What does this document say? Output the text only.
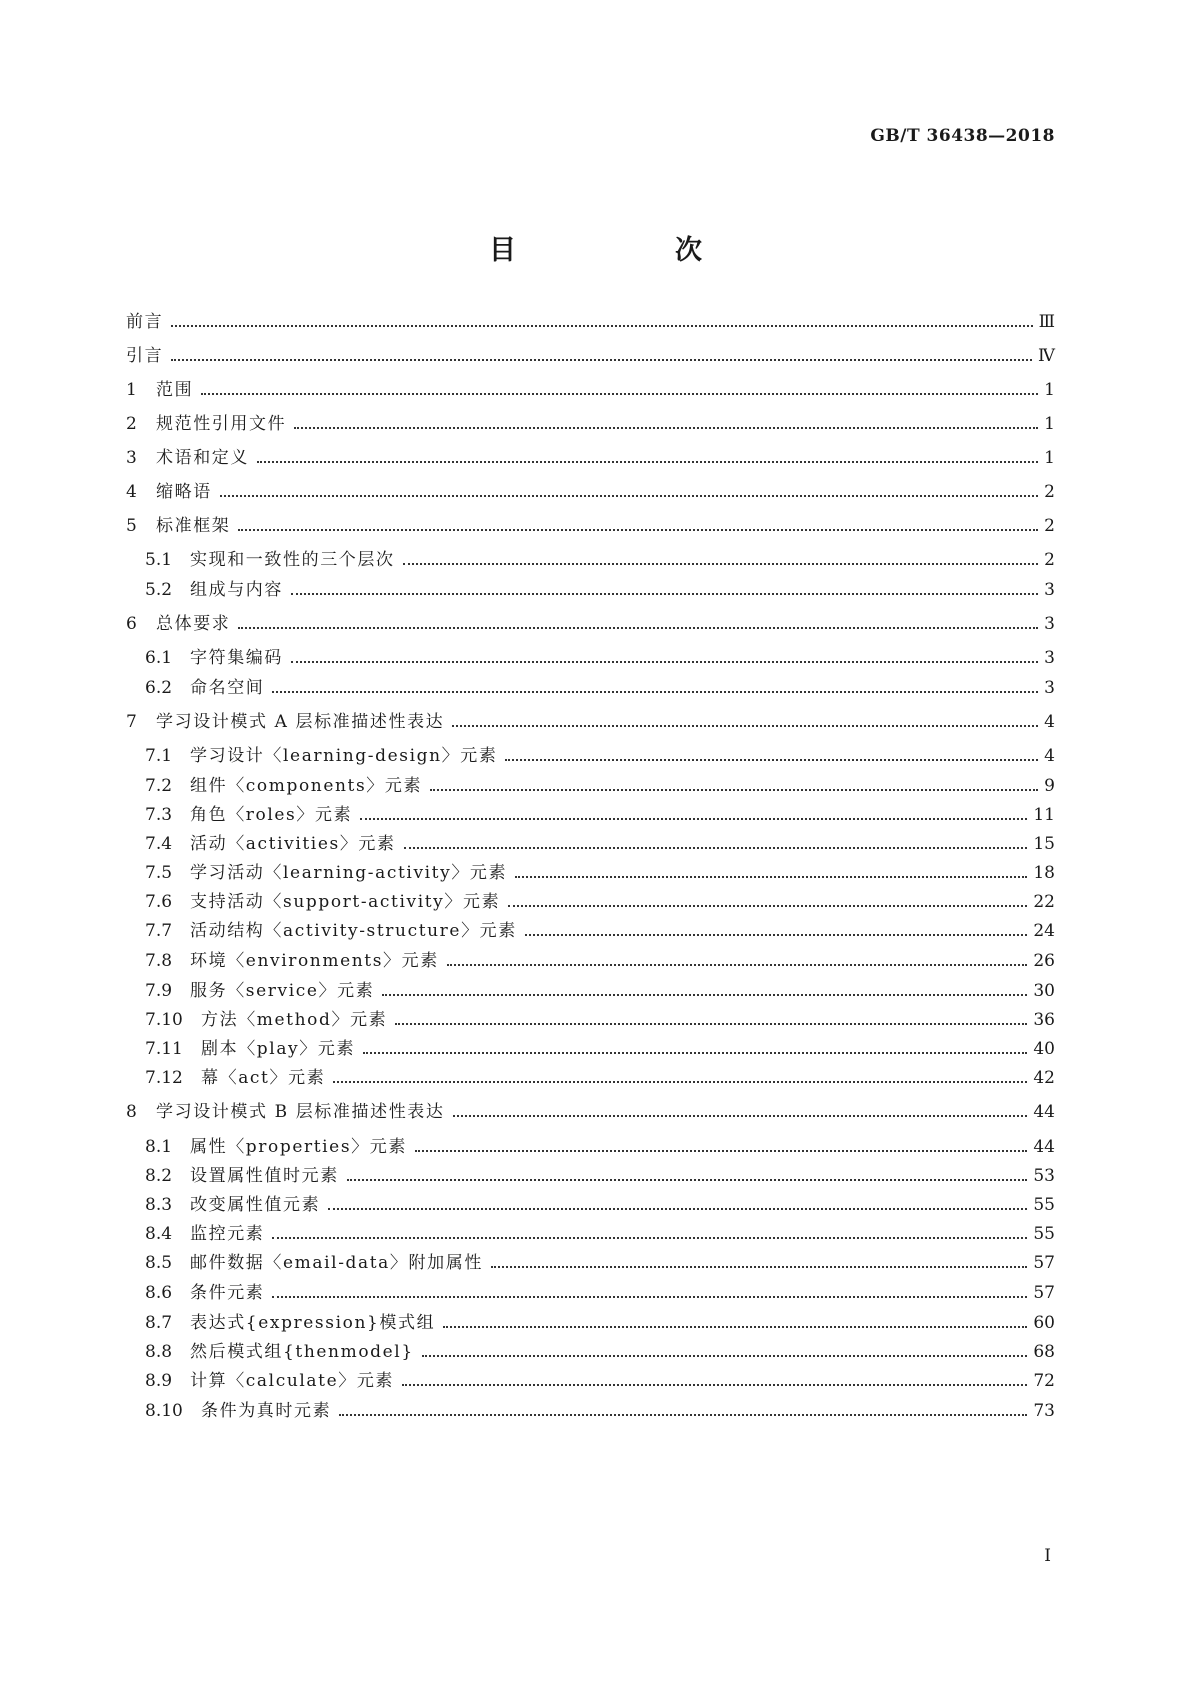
GB/T 36438—2018
目　次
前言	Ⅲ
引言	Ⅳ
1	范围	1
2	规范性引用文件	1
3	术语和定义	1
4	缩略语	2
5	标准框架	2
5.1	实现和一致性的三个层次	2
5.2	组成与内容	3
6	总体要求	3
6.1	字符集编码	3
6.2	命名空间	3
7	学习设计模式 A 层标准描述性表达	4
7.1	学习设计〈learning-design〉元素	4
7.2	组件〈components〉元素	9
7.3	角色〈roles〉元素	11
7.4	活动〈activities〉元素	15
7.5	学习活动〈learning-activity〉元素	18
7.6	支持活动〈support-activity〉元素	22
7.7	活动结构〈activity-structure〉元素	24
7.8	环境〈environments〉元素	26
7.9	服务〈service〉元素	30
7.10	方法〈method〉元素	36
7.11	剧本〈play〉元素	40
7.12	幕〈act〉元素	42
8	学习设计模式 B 层标准描述性表达	44
8.1	属性〈properties〉元素	44
8.2	设置属性值时元素	53
8.3	改变属性值元素	55
8.4	监控元素	55
8.5	邮件数据〈email-data〉附加属性	57
8.6	条件元素	57
8.7	表达式{expression}模式组	60
8.8	然后模式组{thenmodel}	68
8.9	计算〈calculate〉元素	72
8.10	条件为真时元素	73
I
